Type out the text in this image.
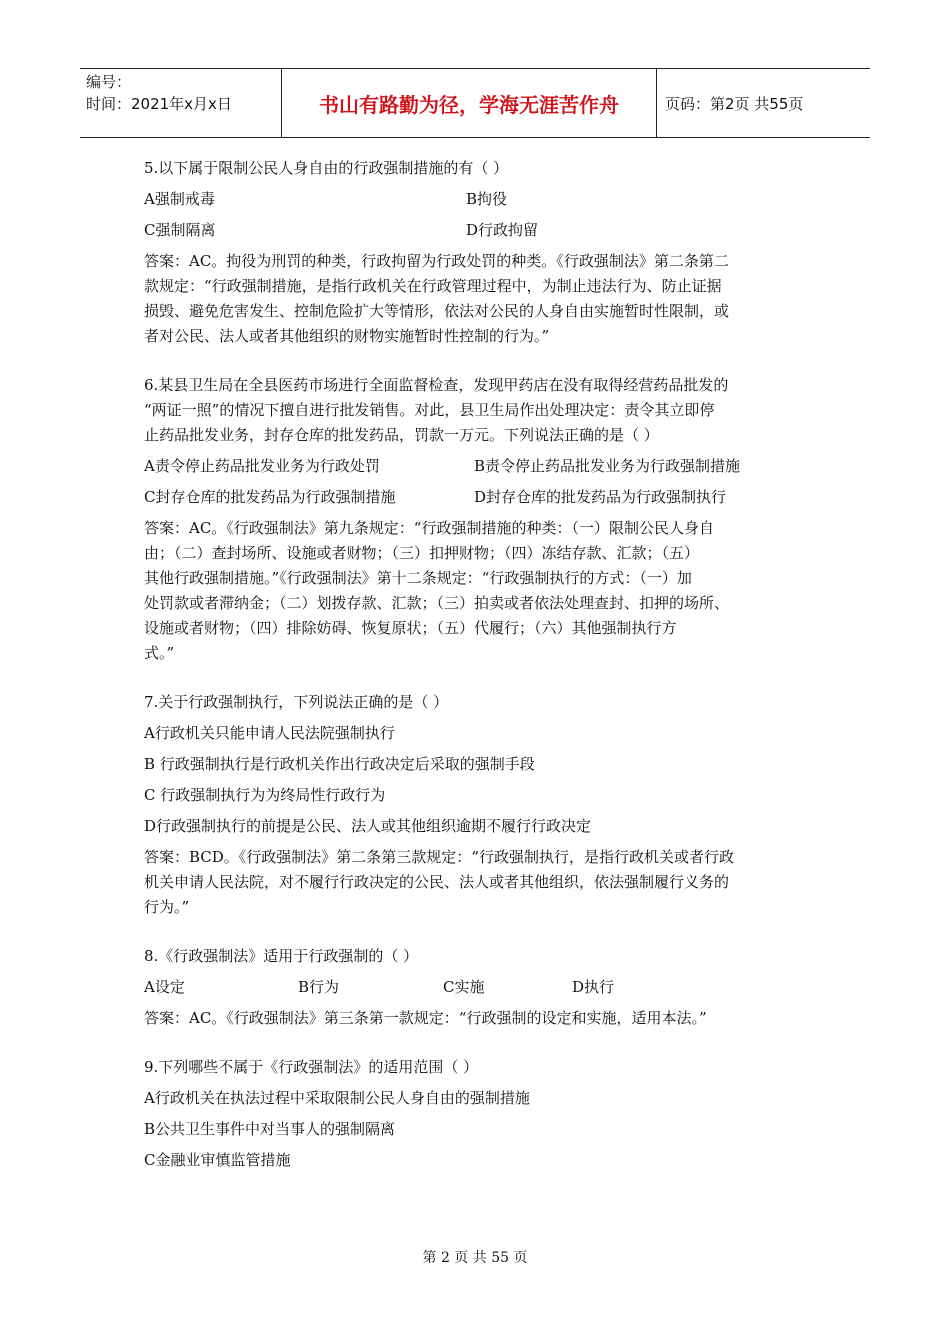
编号：
时间：2021年x月x日	书山有路勤为径，学海无涯苦作舟	页码：第2页 共55页

5.以下属于限制公民人身自由的行政强制措施的有（ ）

A强制戒毒	B拘役
C强制隔离	D行政拘留

答案：AC。拘役为刑罚的种类，行政拘留为行政处罚的种类。《行政强制法》第二条第二

款规定：“行政强制措施，是指行政机关在行政管理过程中，为制止违法行为、防止证据

损毁、避免危害发生、控制危险扩大等情形，依法对公民的人身自由实施暂时性限制，或

者对公民、法人或者其他组织的财物实施暂时性控制的行为。”

6.某县卫生局在全县医药市场进行全面监督检查，发现甲药店在没有取得经营药品批发的

“两证一照”的情况下擅自进行批发销售。对此，县卫生局作出处理决定：责令其立即停

止药品批发业务，封存仓库的批发药品，罚款一万元。下列说法正确的是（ ）

A责令停止药品批发业务为行政处罚	B责令停止药品批发业务为行政强制措施
C封存仓库的批发药品为行政强制措施	D封存仓库的批发药品为行政强制执行

答案：AC。《行政强制法》第九条规定：“行政强制措施的种类：（一）限制公民人身自

由；（二）查封场所、设施或者财物；（三）扣押财物；（四）冻结存款、汇款；（五）

其他行政强制措施。”《行政强制法》第十二条规定：“行政强制执行的方式：（一）加

处罚款或者滞纳金；（二）划拨存款、汇款；（三）拍卖或者依法处理查封、扣押的场所、

设施或者财物；（四）排除妨碍、恢复原状；（五）代履行；（六）其他强制执行方

式。”

7.关于行政强制执行，下列说法正确的是（ ）

A行政机关只能申请人民法院强制执行
B 行政强制执行是行政机关作出行政决定后采取的强制手段
C 行政强制执行为为终局性行政行为
D行政强制执行的前提是公民、法人或其他组织逾期不履行行政决定

答案：BCD。《行政强制法》第二条第三款规定：“行政强制执行，是指行政机关或者行政

机关申请人民法院，对不履行行政决定的公民、法人或者其他组织，依法强制履行义务的

行为。”

8.《行政强制法》适用于行政强制的（ ）

A设定	B行为	C实施	D执行

答案：AC。《行政强制法》第三条第一款规定：“行政强制的设定和实施，适用本法。”

9.下列哪些不属于《行政强制法》的适用范围（ ）

A行政机关在执法过程中采取限制公民人身自由的强制措施
B公共卫生事件中对当事人的强制隔离
C金融业审慎监管措施
第 2 页 共 55 页
